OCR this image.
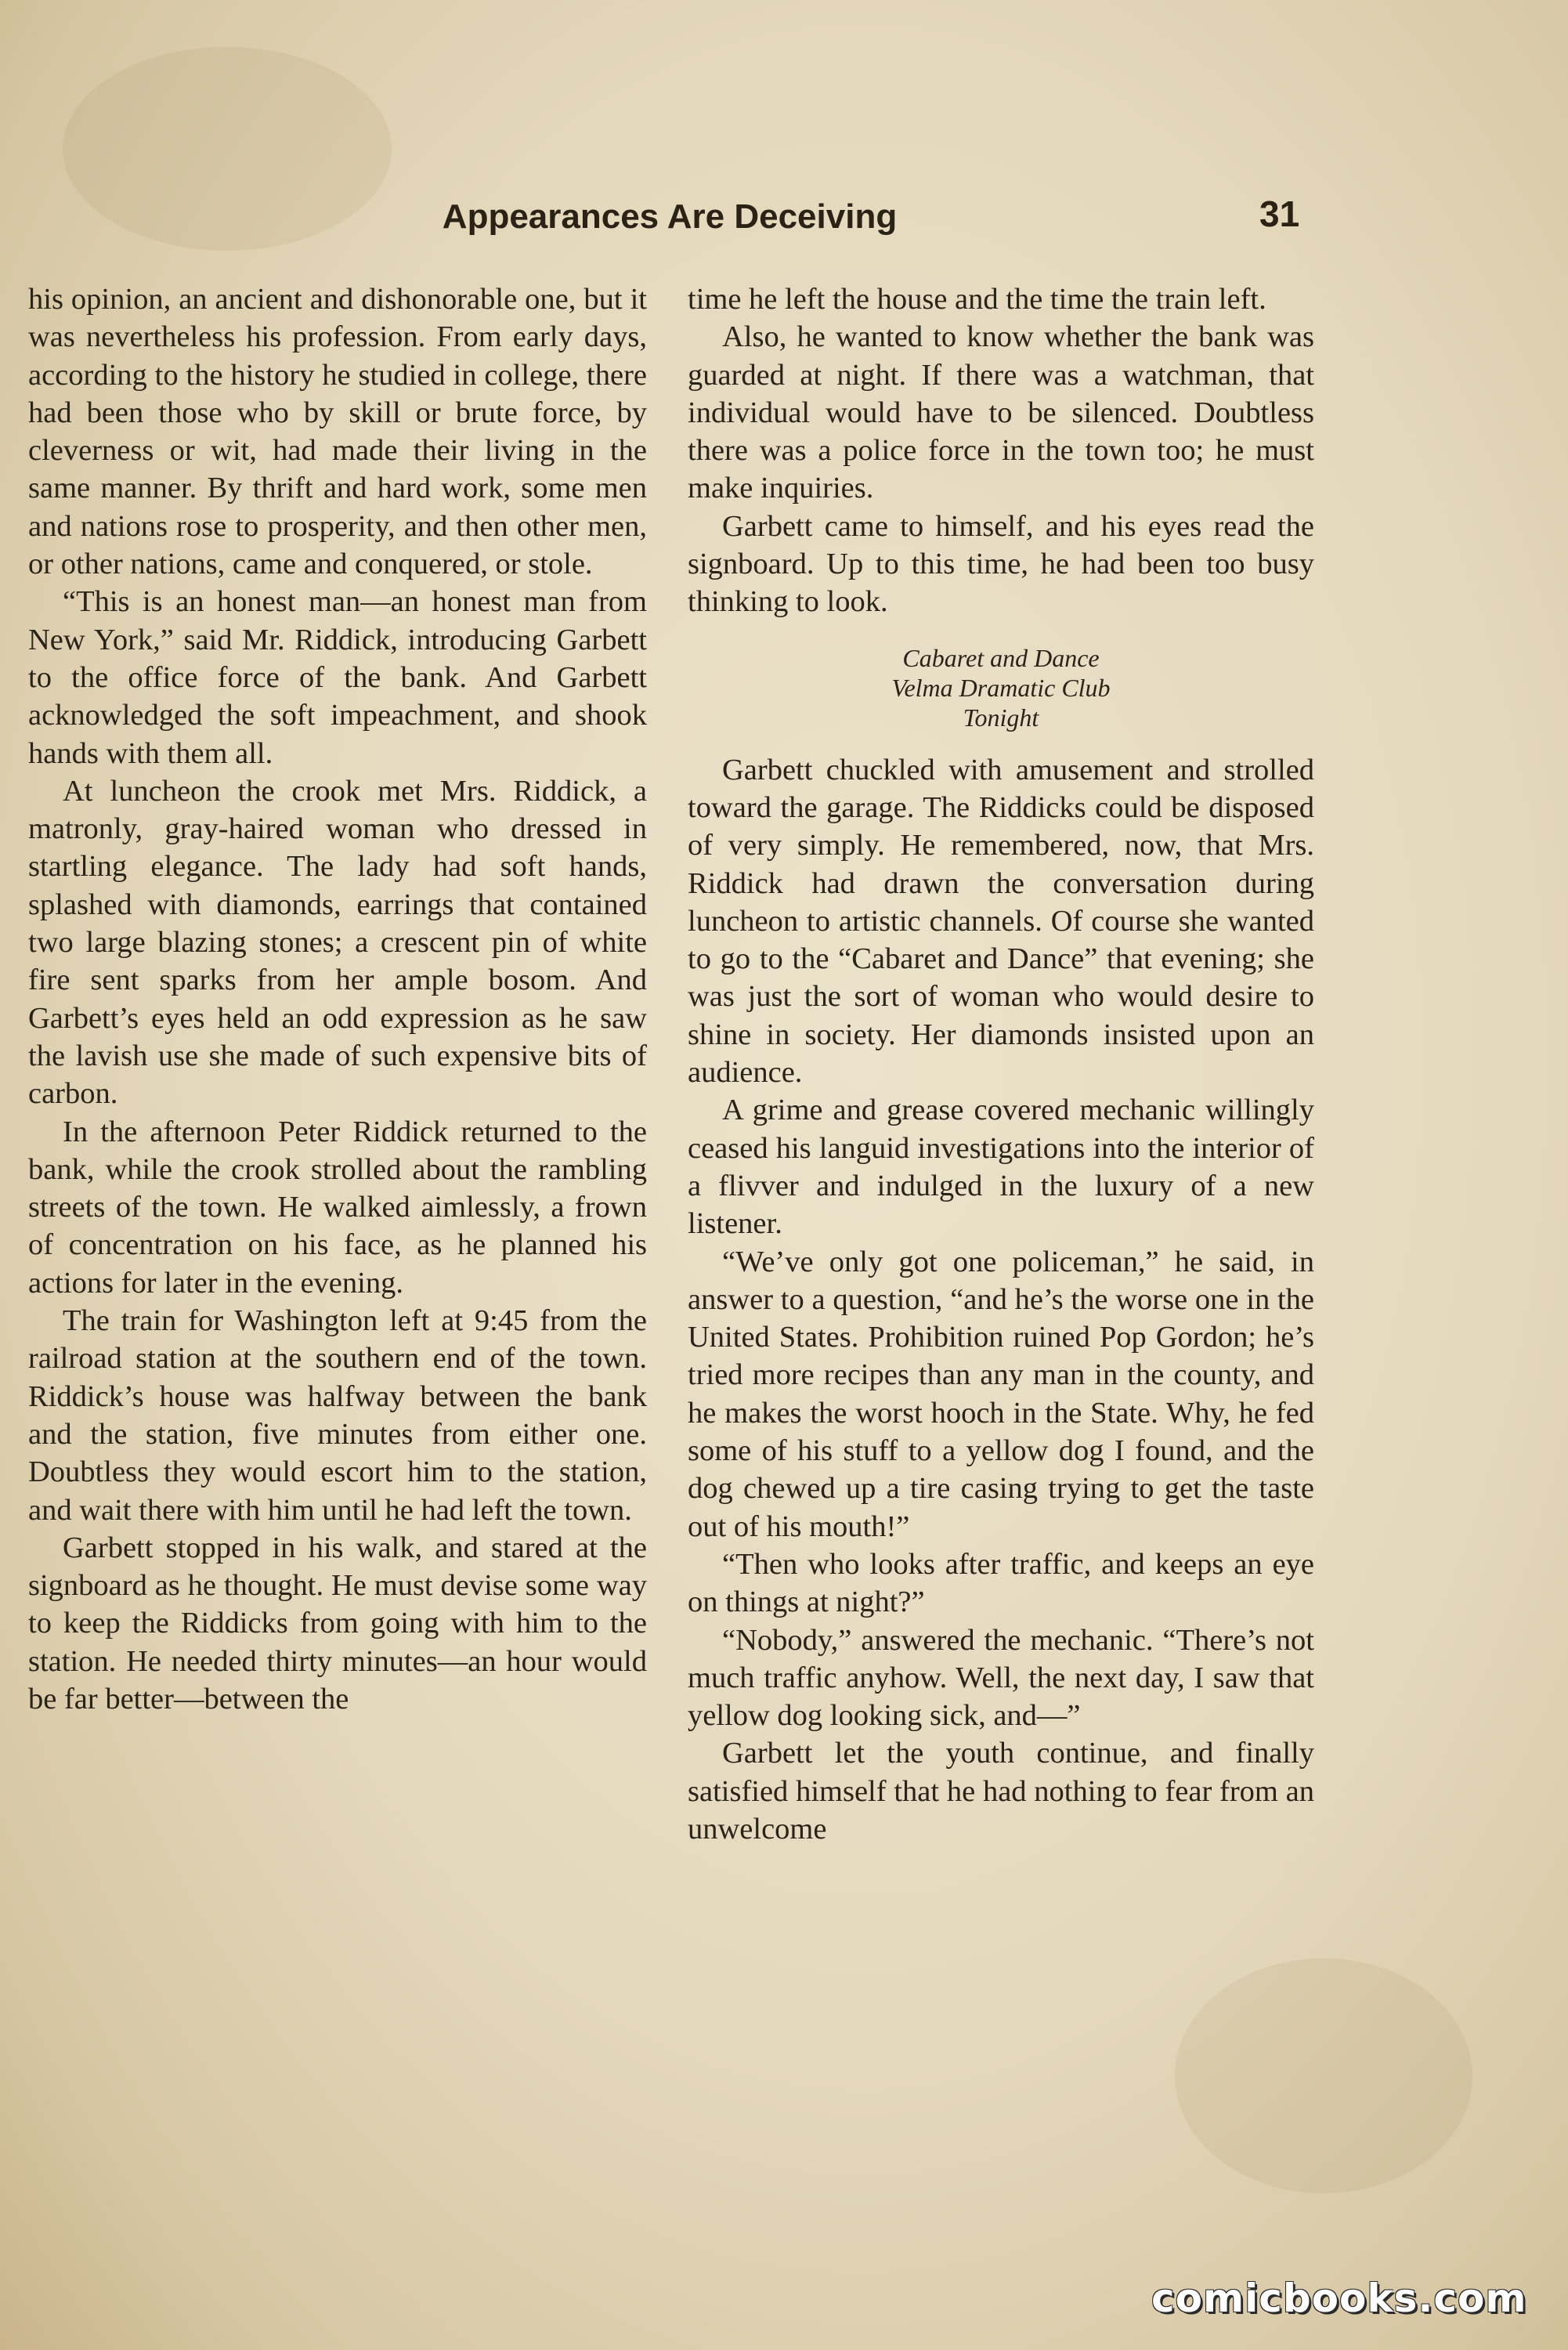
Appearances Are Deceiving	31

his opinion, an ancient and dishonorable one, but it was nevertheless his profession. From early days, according to the history he studied in college, there had been those who by skill or brute force, by cleverness or wit, had made their living in the same manner. By thrift and hard work, some men and nations rose to prosperity, and then other men, or other nations, came and conquered, or stole.

“This is an honest man—an honest man from New York,” said Mr. Riddick, introducing Garbett to the office force of the bank. And Garbett acknowledged the soft impeachment, and shook hands with them all.

At luncheon the crook met Mrs. Riddick, a matronly, gray-haired woman who dressed in startling elegance. The lady had soft hands, splashed with diamonds, earrings that contained two large blazing stones; a crescent pin of white fire sent sparks from her ample bosom. And Garbett’s eyes held an odd expression as he saw the lavish use she made of such expensive bits of carbon.

In the afternoon Peter Riddick returned to the bank, while the crook strolled about the rambling streets of the town. He walked aimlessly, a frown of concentration on his face, as he planned his actions for later in the evening.

The train for Washington left at 9:45 from the railroad station at the southern end of the town. Riddick’s house was halfway between the bank and the station, five minutes from either one. Doubtless they would escort him to the station, and wait there with him until he had left the town.

Garbett stopped in his walk, and stared at the signboard as he thought. He must devise some way to keep the Riddicks from going with him to the station. He needed thirty minutes—an hour would be far better—between the

time he left the house and the time the train left.

Also, he wanted to know whether the bank was guarded at night. If there was a watchman, that individual would have to be silenced. Doubtless there was a police force in the town too; he must make inquiries.

Garbett came to himself, and his eyes read the signboard. Up to this time, he had been too busy thinking to look.

Cabaret and Dance
Velma Dramatic Club
Tonight

Garbett chuckled with amusement and strolled toward the garage. The Riddicks could be disposed of very simply. He remembered, now, that Mrs. Riddick had drawn the conversation during luncheon to artistic channels. Of course she wanted to go to the “Cabaret and Dance” that evening; she was just the sort of woman who would desire to shine in society. Her diamonds insisted upon an audience.

A grime and grease covered mechanic willingly ceased his languid investigations into the interior of a flivver and indulged in the luxury of a new listener.

“We’ve only got one policeman,” he said, in answer to a question, “and he’s the worse one in the United States. Prohibition ruined Pop Gordon; he’s tried more recipes than any man in the county, and he makes the worst hooch in the State. Why, he fed some of his stuff to a yellow dog I found, and the dog chewed up a tire casing trying to get the taste out of his mouth!”

“Then who looks after traffic, and keeps an eye on things at night?”

“Nobody,” answered the mechanic. “There’s not much traffic anyhow. Well, the next day, I saw that yellow dog looking sick, and—”

Garbett let the youth continue, and finally satisfied himself that he had nothing to fear from an unwelcome

comicbooks.com
